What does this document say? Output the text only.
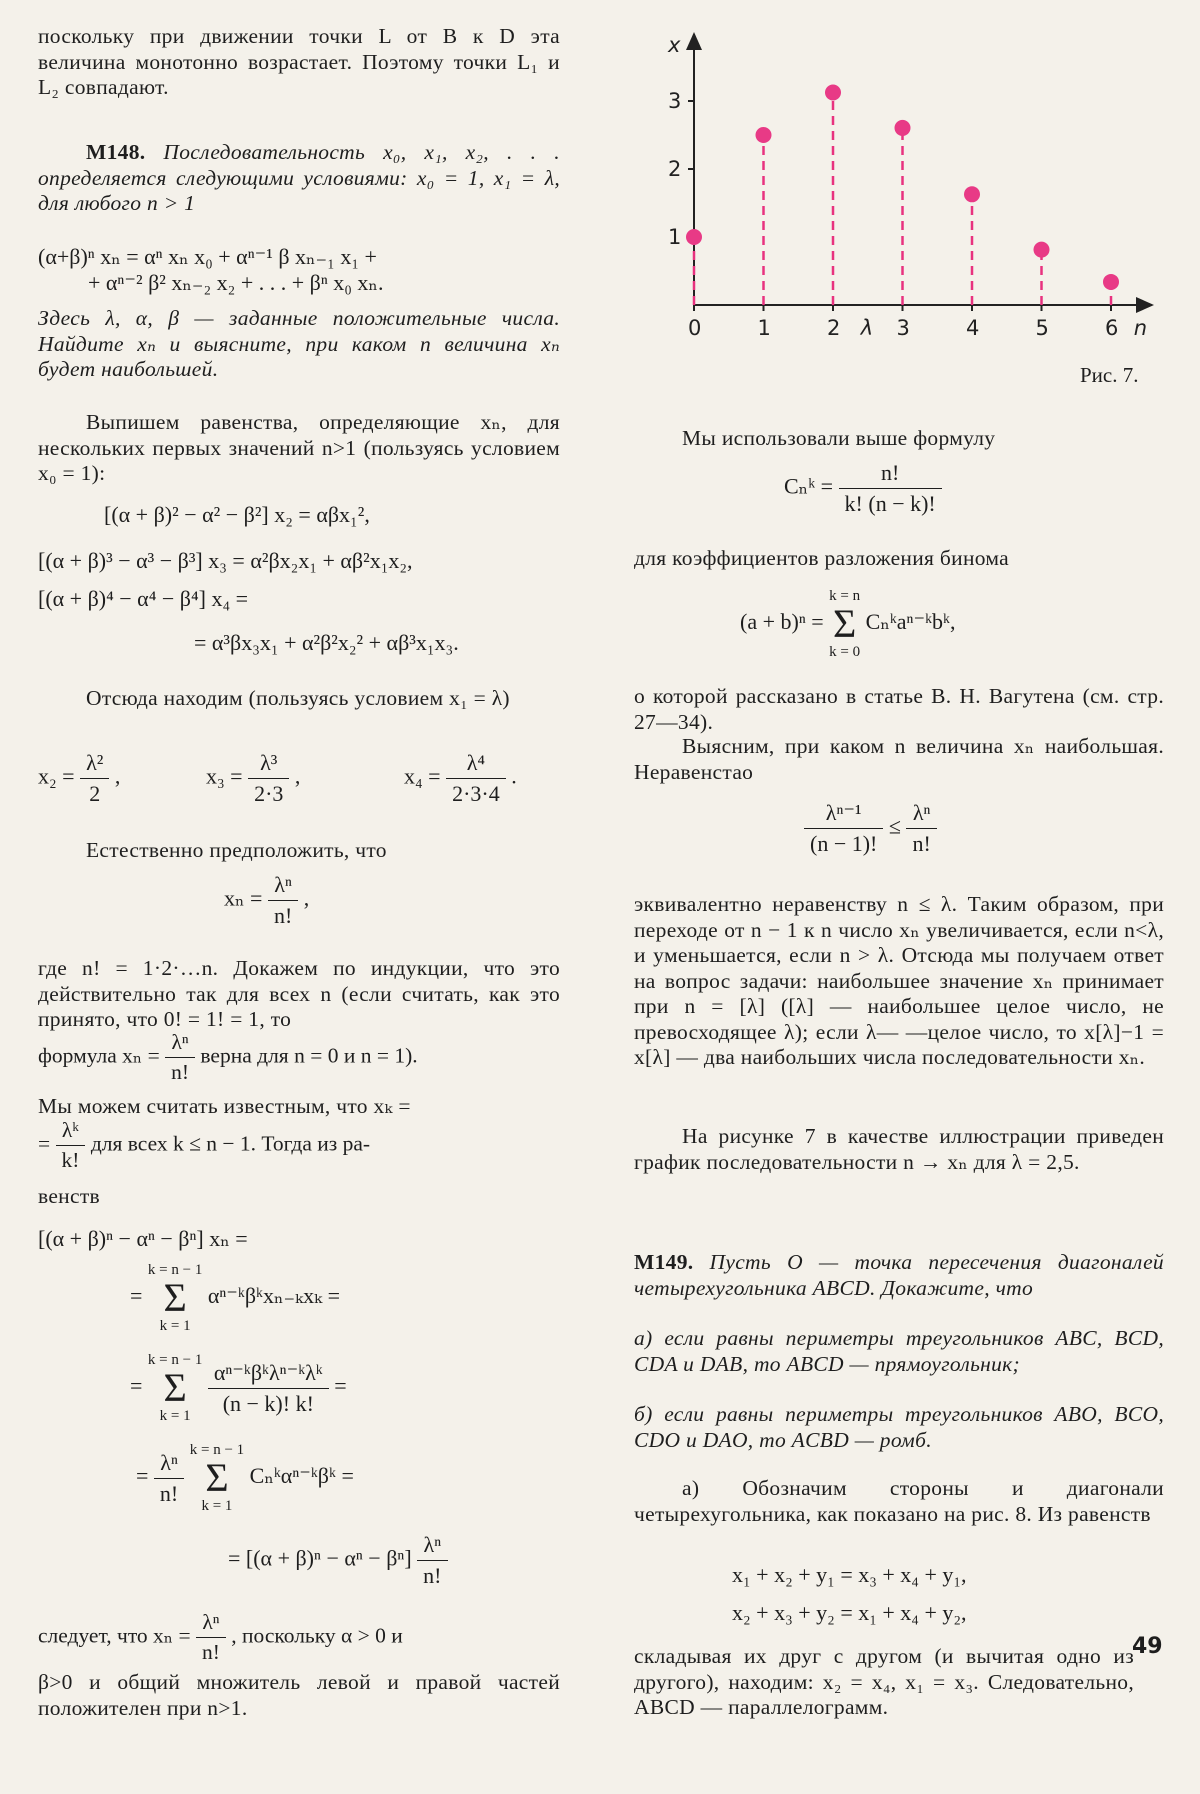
поскольку при движении точки L от B к D эта величина монотонно возрастает. Поэтому точки L₁ и L₂ совпадают.

М148. Последовательность x₀, x₁, x₂, . . . определяется следующими условиями: x₀ = 1, x₁ = λ, для любого n > 1

(α+β)ⁿ xₙ = αⁿ xₙ x₀ + αⁿ⁻¹ β xₙ₋₁ x₁ +
+ αⁿ⁻² β² xₙ₋₂ x₂ + . . . + βⁿ x₀ xₙ.

Здесь λ, α, β — заданные положительные числа. Найдите xₙ и выясните, при каком n величина xₙ будет наибольшей.

Выпишем равенства, определяющие xₙ, для нескольких первых значений n>1 (пользуясь условием x₀ = 1):

[(α + β)² − α² − β²] x₂ = αβx₁²,
[(α + β)³ − α³ − β³] x₃ = α²βx₂x₁ + αβ²x₁x₂,
[(α + β)⁴ − α⁴ − β⁴] x₄ =
= α³βx₃x₁ + α²β²x₂² + αβ³x₁x₃.

Отсюда находим (пользуясь условием x₁ = λ)

$x_2 = \frac{\text{λ²}}{2}$ ,	$x_3 = \frac{\text{λ³}}{2\cdot 3}$ ,	$x_4 = \frac{\text{λ⁴}}{2\cdot 3\cdot 4}$ .

Естественно предположить, что

$x_n = \frac{\text{λⁿ}}{n!}$ ,

где n! = 1·2·…n. Докажем по индукции, что это действительно так для всех n (если считать, как это принято, что 0! = 1! = 1, то

формула $x_n = \frac{\text{λⁿ}}{n!}$ верна для n = 0 и n = 1).

Мы можем считать известным, что xₖ =

= $\frac{\text{λᵏ}}{k!}$ для всех k ≤ n − 1. Тогда из ра-

венств

[(α + β)ⁿ − αⁿ − βⁿ] xₙ =
= k = n − 1
Σ
k = 1 αⁿ⁻ᵏβᵏxₙ₋ₖxₖ =
= k = n − 1
Σ
$k = 1 \frac{\text{αⁿ⁻ᵏβᵏλⁿ⁻ᵏλᵏ}}{(n - k)! k!}$ =
= $\frac{\text{λⁿ}}{n!}$ k = n − 1
Σ
k = 1 Cₙᵏαⁿ⁻ᵏβᵏ =
= $[(\alpha + \beta)^n - \alpha^n - \beta^n] \frac{\text{λⁿ}}{n!}$
следует, что $x_n = \frac{\text{λⁿ}}{n!}$ , поскольку α > 0 и

β>0 и общий множитель левой и правой частей положителен при n>1.

1
2
3
0	1	2	3	4	5	6
x
n
λ
Рис. 7.

Мы использовали выше формулу

Cₙᵏ = $\frac{n!}{k! (n - k)!}$

для коэффициентов разложения бинома

(a + b)ⁿ = k = n
Σ
k = 0 Cₙᵏaⁿ⁻ᵏbᵏ,

о которой рассказано в статье В. Н. Вагутена (см. стр. 27—34).

Выясним, при каком n величина xₙ наибольшая. Неравенстао

$\frac{\text{λⁿ⁻¹}}{(n - 1)!} \le \frac{\text{λⁿ}}{n!}$

эквивалентно неравенству n ≤ λ. Таким образом, при переходе от n − 1 к n число xₙ увеличивается, если n<λ, и уменьшается, если n > λ. Отсюда мы получаем ответ на вопрос задачи: наибольшее значение xₙ принимает при n = [λ] ([λ] — наибольшее целое число, не превосходящее λ); если λ— —целое число, то x[λ]−1 = x[λ] — два наибольших числа последовательности xₙ.

На рисунке 7 в качестве иллюстрации приведен график последовательности n → xₙ для λ = 2,5.

М149. Пусть O — точка пересечения диагоналей четырехугольника ABCD. Докажите, что

а) если равны периметры треугольников ABC, BCD, CDA и DAB, то ABCD — прямоугольник;

б) если равны периметры треугольников ABO, BCO, CDO и DAO, то ACBD — ромб.

а) Обозначим стороны и диагонали четырехугольника, как показано на рис. 8. Из равенств

x₁ + x₂ + y₁ = x₃ + x₄ + y₁,
x₂ + x₃ + y₂ = x₁ + x₄ + y₂,

складывая их друг с другом (и вычитая одно из другого), находим: x₂ = x₄, x₁ = x₃. Следовательно, ABCD — параллелограмм.

49
